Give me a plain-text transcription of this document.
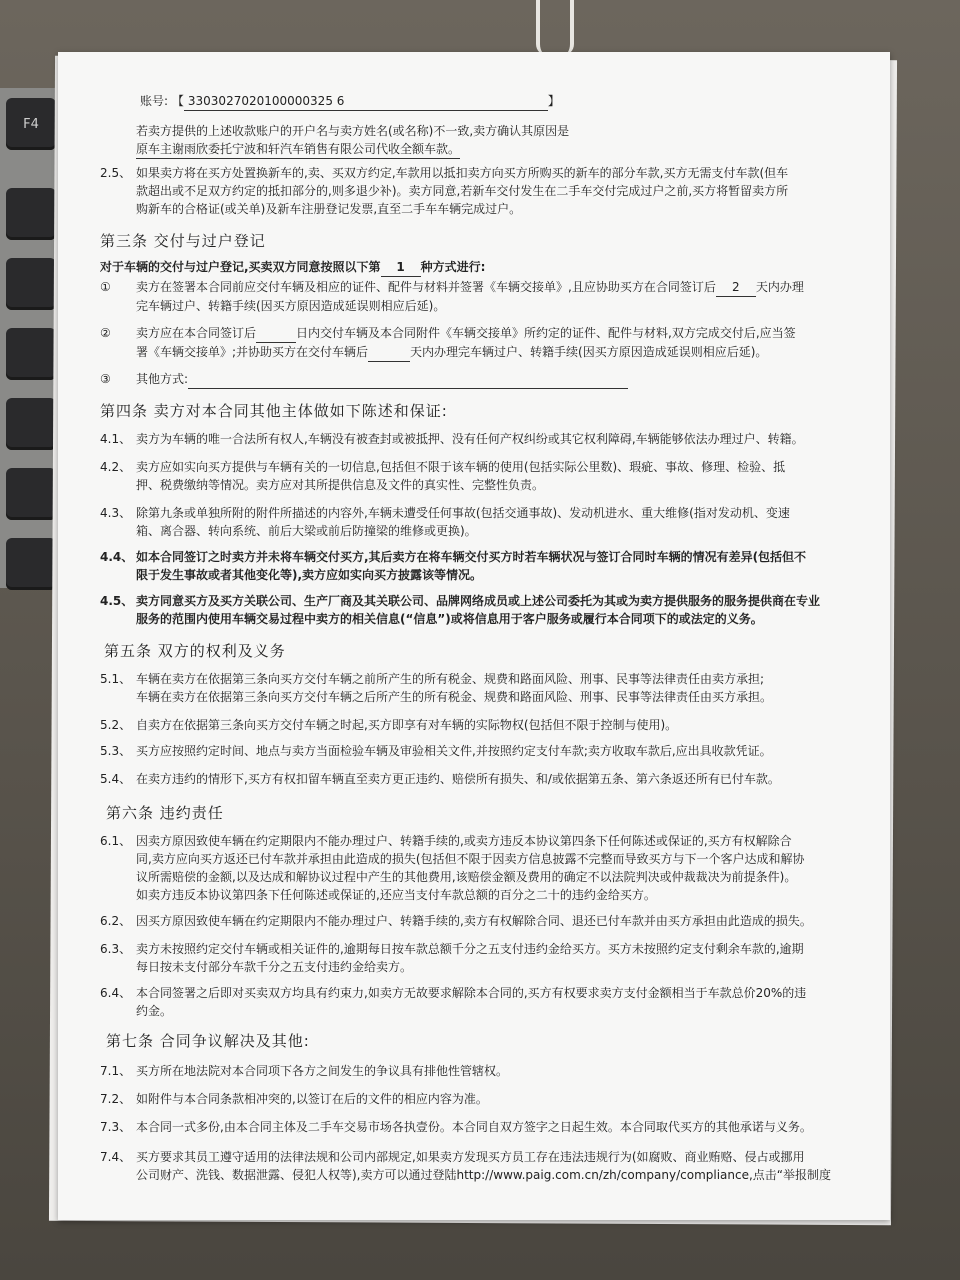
F4
账号: 【 3303027020100000325 6	】
若卖方提供的上述收款账户的开户名与卖方姓名(或名称)不一致,卖方确认其原因是
原车主谢雨欣委托宁波和轩汽车销售有限公司代收全额车款。
2.5、 如果卖方将在买方处置换新车的,卖、买双方约定,车款用以抵扣卖方向买方所购买的新车的部分车款,买方无需支付车款(但车
款超出或不足双方约定的抵扣部分的,则多退少补)。卖方同意,若新车交付发生在二手车交付完成过户之前,买方将暂留卖方所
购新车的合格证(或关单)及新车注册登记发票,直至二手车车辆完成过户。
第三条 交付与过户登记
对于车辆的交付与过户登记,买卖双方同意按照以下第 1 种方式进行:
①	卖方在签署本合同前应交付车辆及相应的证件、配件与材料并签署《车辆交接单》,且应协助买方在合同签订后 2 天内办理
完车辆过户、转籍手续(因买方原因造成延误则相应后延)。
②	卖方应在本合同签订后	日内交付车辆及本合同附件《车辆交接单》所约定的证件、配件与材料,双方完成交付后,应当签
署《车辆交接单》;并协助买方在交付车辆后	天内办理完车辆过户、转籍手续(因买方原因造成延误则相应后延)。
③	其他方式:
第四条 卖方对本合同其他主体做如下陈述和保证:
4.1、 卖方为车辆的唯一合法所有权人,车辆没有被查封或被抵押、没有任何产权纠纷或其它权利障碍,车辆能够依法办理过户、转籍。
4.2、 卖方应如实向买方提供与车辆有关的一切信息,包括但不限于该车辆的使用(包括实际公里数)、瑕疵、事故、修理、检验、抵
押、税费缴纳等情况。卖方应对其所提供信息及文件的真实性、完整性负责。
4.3、 除第九条或单独所附的附件所描述的内容外,车辆未遭受任何事故(包括交通事故)、发动机进水、重大维修(指对发动机、变速
箱、离合器、转向系统、前后大梁或前后防撞梁的维修或更换)。
4.4、 如本合同签订之时卖方并未将车辆交付买方,其后卖方在将车辆交付买方时若车辆状况与签订合同时车辆的情况有差异(包括但不
限于发生事故或者其他变化等),卖方应如实向买方披露该等情况。
4.5、 卖方同意买方及买方关联公司、生产厂商及其关联公司、品牌网络成员或上述公司委托为其或为卖方提供服务的服务提供商在专业
服务的范围内使用车辆交易过程中卖方的相关信息(“信息”)或将信息用于客户服务或履行本合同项下的或法定的义务。
第五条 双方的权利及义务
5.1、 车辆在卖方在依据第三条向买方交付车辆之前所产生的所有税金、规费和路面风险、刑事、民事等法律责任由卖方承担;
车辆在卖方在依据第三条向买方交付车辆之后所产生的所有税金、规费和路面风险、刑事、民事等法律责任由买方承担。
5.2、 自卖方在依据第三条向买方交付车辆之时起,买方即享有对车辆的实际物权(包括但不限于控制与使用)。
5.3、 买方应按照约定时间、地点与卖方当面检验车辆及审验相关文件,并按照约定支付车款;卖方收取车款后,应出具收款凭证。
5.4、 在卖方违约的情形下,买方有权扣留车辆直至卖方更正违约、赔偿所有损失、和/或依据第五条、第六条返还所有已付车款。
第六条 违约责任
6.1、 因卖方原因致使车辆在约定期限内不能办理过户、转籍手续的,或卖方违反本协议第四条下任何陈述或保证的,买方有权解除合
同,卖方应向买方返还已付车款并承担由此造成的损失(包括但不限于因卖方信息披露不完整而导致买方与下一个客户达成和解协
议所需赔偿的金额,以及达成和解协议过程中产生的其他费用,该赔偿金额及费用的确定不以法院判决或仲裁裁决为前提条件)。
如卖方违反本协议第四条下任何陈述或保证的,还应当支付车款总额的百分之二十的违约金给买方。
6.2、 因买方原因致使车辆在约定期限内不能办理过户、转籍手续的,卖方有权解除合同、退还已付车款并由买方承担由此造成的损失。
6.3、 卖方未按照约定交付车辆或相关证件的,逾期每日按车款总额千分之五支付违约金给买方。买方未按照约定支付剩余车款的,逾期
每日按未支付部分车款千分之五支付违约金给卖方。
6.4、 本合同签署之后即对买卖双方均具有约束力,如卖方无故要求解除本合同的,买方有权要求卖方支付金额相当于车款总价20%的违
约金。
第七条 合同争议解决及其他:
7.1、 买方所在地法院对本合同项下各方之间发生的争议具有排他性管辖权。
7.2、 如附件与本合同条款相冲突的,以签订在后的文件的相应内容为准。
7.3、 本合同一式多份,由本合同主体及二手车交易市场各执壹份。本合同自双方签字之日起生效。本合同取代买方的其他承诺与义务。
7.4、 买方要求其员工遵守适用的法律法规和公司内部规定,如果卖方发现买方员工存在违法违规行为(如腐败、商业贿赂、侵占或挪用
公司财产、洗钱、数据泄露、侵犯人权等),卖方可以通过登陆http://www.paig.com.cn/zh/company/compliance,点击“举报制度
